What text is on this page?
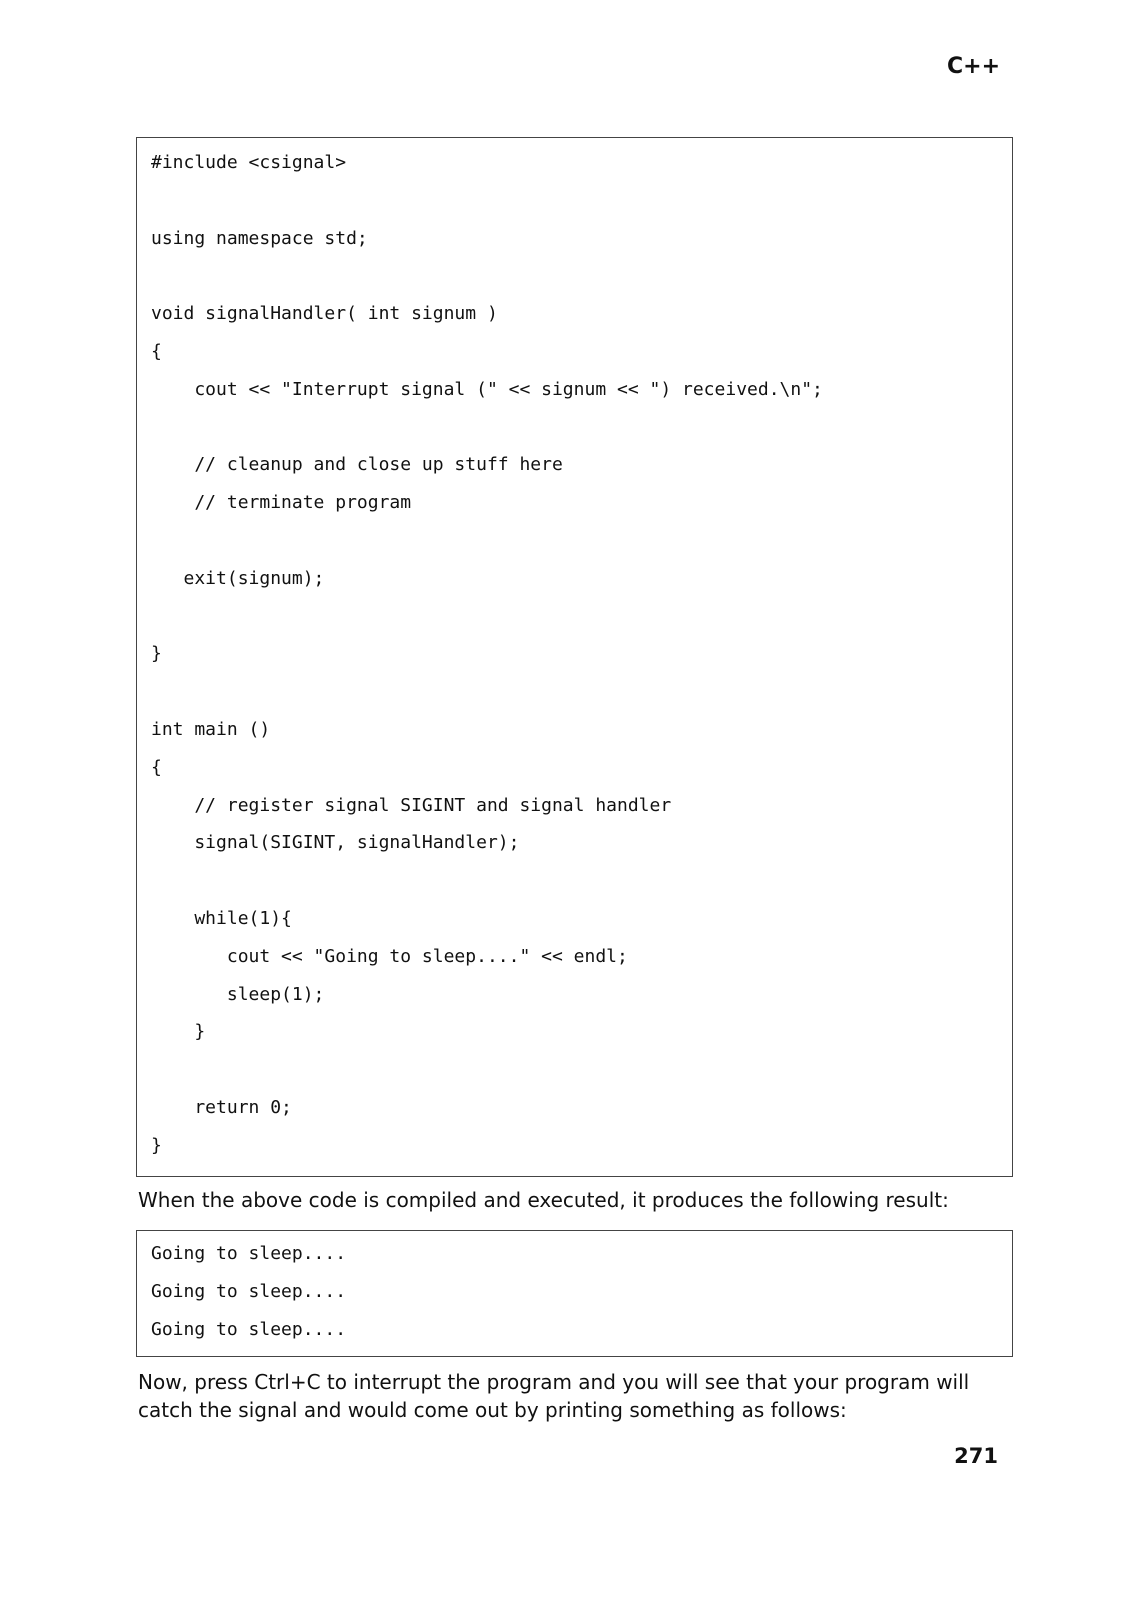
C++
#include <csignal>
using namespace std;
void signalHandler( int signum )
{
cout << "Interrupt signal (" << signum << ") received.\n";
// cleanup and close up stuff here
// terminate program
exit(signum);
}
int main ()
{
// register signal SIGINT and signal handler
signal(SIGINT, signalHandler);
while(1){
cout << "Going to sleep...." << endl;
sleep(1);
}
return 0;
}
When the above code is compiled and executed, it produces the following result:
Going to sleep....
Going to sleep....
Going to sleep....
Now, press Ctrl+C to interrupt the program and you will see that your program will catch the signal and would come out by printing something as follows:
271
